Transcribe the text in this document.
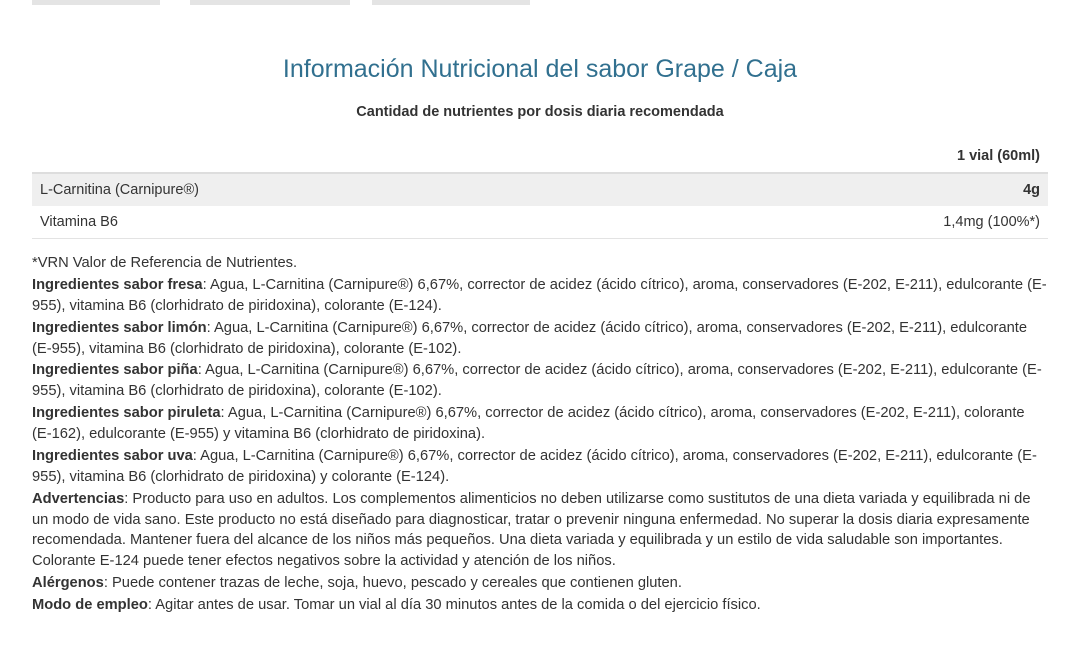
Información Nutricional del sabor Grape / Caja
Cantidad de nutrientes por dosis diaria recomendada
	1 vial (60ml)
L-Carnitina (Carnipure®)	4g
Vitamina B6	1,4mg (100%*)

*VRN Valor de Referencia de Nutrientes.

Ingredientes sabor fresa: Agua, L-Carnitina (Carnipure®) 6,67%, corrector de acidez (ácido cítrico), aroma, conservadores (E-202, E-211), edulcorante (E-955), vitamina B6 (clorhidrato de piridoxina), colorante (E-124).

Ingredientes sabor limón: Agua, L-Carnitina (Carnipure®) 6,67%, corrector de acidez (ácido cítrico), aroma, conservadores (E-202, E-211), edulcorante (E-955), vitamina B6 (clorhidrato de piridoxina), colorante (E-102).

Ingredientes sabor piña: Agua, L-Carnitina (Carnipure®) 6,67%, corrector de acidez (ácido cítrico), aroma, conservadores (E-202, E-211), edulcorante (E-955), vitamina B6 (clorhidrato de piridoxina), colorante (E-102).

Ingredientes sabor piruleta: Agua, L-Carnitina (Carnipure®) 6,67%, corrector de acidez (ácido cítrico), aroma, conservadores (E-202, E-211), colorante (E-162), edulcorante (E-955) y vitamina B6 (clorhidrato de piridoxina).

Ingredientes sabor uva: Agua, L-Carnitina (Carnipure®) 6,67%, corrector de acidez (ácido cítrico), aroma, conservadores (E-202, E-211), edulcorante (E-955), vitamina B6 (clorhidrato de piridoxina) y colorante (E-124).

Advertencias: Producto para uso en adultos. Los complementos alimenticios no deben utilizarse como sustitutos de una dieta variada y equilibrada ni de un modo de vida sano. Este producto no está diseñado para diagnosticar, tratar o prevenir ninguna enfermedad. No superar la dosis diaria expresamente recomendada. Mantener fuera del alcance de los niños más pequeños. Una dieta variada y equilibrada y un estilo de vida saludable son importantes. Colorante E-124 puede tener efectos negativos sobre la actividad y atención de los niños.

Alérgenos: Puede contener trazas de leche, soja, huevo, pescado y cereales que contienen gluten.

Modo de empleo: Agitar antes de usar. Tomar un vial al día 30 minutos antes de la comida o del ejercicio físico.
